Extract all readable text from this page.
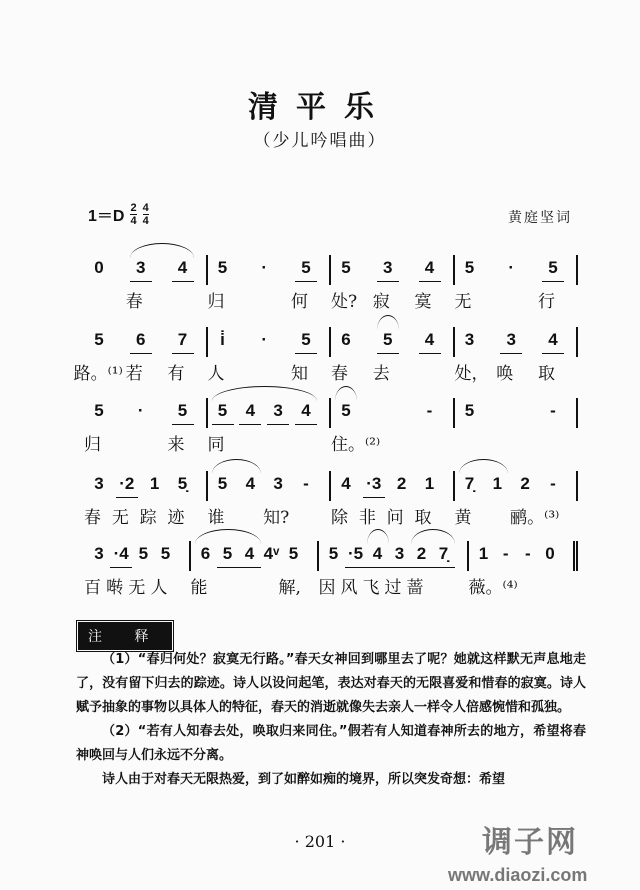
清平乐
（少儿吟唱曲）
$1=D \frac{2}{4} \frac{4}{4}$	黄庭坚词
0	3
春
4	5
归
·	5
何
5
处?
3
寂
4
寞
5
无
·	5
行
5
路。⁽¹⁾
6
若
7
有
i̇
人
·	5
知
6
春
5
去
4	3
处，
3
唤
4
取
5
归
·	5
来
5
同
4	3	4	5
住。⁽²⁾
-	5	-
3
春
·2
无
1
踪
5̣
迹
5
谁
4	3
知?
-	4
除
·3
非
2
问
1
取
7̣
黄
1	2
鹂。⁽³⁾
-
3
百
·4
啭
5
无
5
人
6
能
5 4 4ᵛ 5
解,
5
因
·5
风
4
飞
3
过
2
蔷
7̣	1
薇。⁽⁴⁾
- - 0
注 释

（1）“春归何处？寂寞无行路。”春天女神回到哪里去了呢？她就这样默无声息地走了，没有留下归去的踪迹。诗人以设问起笔，表达对春天的无限喜爱和惜春的寂寞。诗人赋予抽象的事物以具体人的特征，春天的消逝就像失去亲人一样令人倍感惋惜和孤独。

（2）“若有人知春去处，唤取归来同住。”假若有人知道春神所去的地方，希望将春神唤回与人们永远不分离。

诗人由于对春天无限热爱，到了如醉如痴的境界，所以突发奇想：希望

· 201 ·	调子网
www.diaozi.com
